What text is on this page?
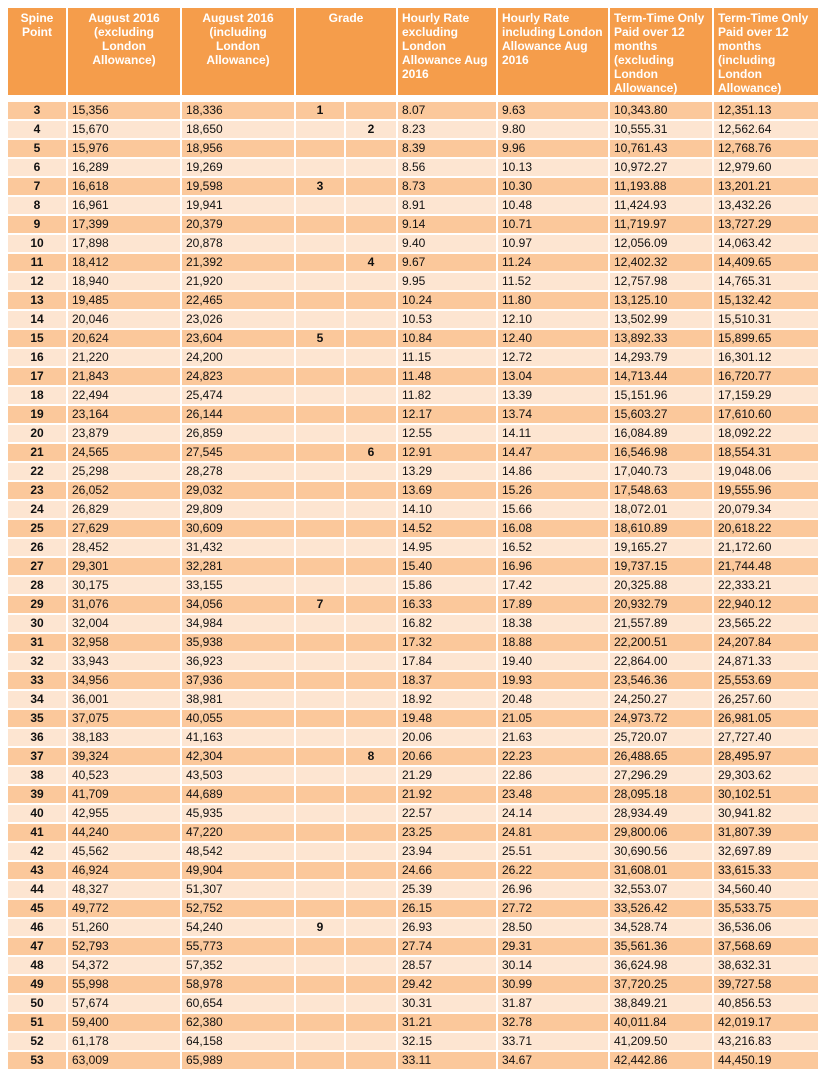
Spine Point	August 2016 (excluding London Allowance)	August 2016 (including London Allowance)	Grade		Hourly Rate excluding London Allowance Aug 2016	Hourly Rate including London Allowance Aug 2016	Term-Time Only Paid over 12 months (excluding London Allowance)	Term-Time Only Paid over 12 months (including London Allowance)

3	15,356	18,336	1		8.07	9.63	10,343.80	12,351.13
4	15,670	18,650		2	8.23	9.80	10,555.31	12,562.64
5	15,976	18,956			8.39	9.96	10,761.43	12,768.76
6	16,289	19,269			8.56	10.13	10,972.27	12,979.60
7	16,618	19,598	3		8.73	10.30	11,193.88	13,201.21
8	16,961	19,941			8.91	10.48	11,424.93	13,432.26
9	17,399	20,379			9.14	10.71	11,719.97	13,727.29
10	17,898	20,878			9.40	10.97	12,056.09	14,063.42
11	18,412	21,392		4	9.67	11.24	12,402.32	14,409.65
12	18,940	21,920			9.95	11.52	12,757.98	14,765.31
13	19,485	22,465			10.24	11.80	13,125.10	15,132.42
14	20,046	23,026			10.53	12.10	13,502.99	15,510.31
15	20,624	23,604	5		10.84	12.40	13,892.33	15,899.65
16	21,220	24,200			11.15	12.72	14,293.79	16,301.12
17	21,843	24,823			11.48	13.04	14,713.44	16,720.77
18	22,494	25,474			11.82	13.39	15,151.96	17,159.29
19	23,164	26,144			12.17	13.74	15,603.27	17,610.60
20	23,879	26,859			12.55	14.11	16,084.89	18,092.22
21	24,565	27,545		6	12.91	14.47	16,546.98	18,554.31
22	25,298	28,278			13.29	14.86	17,040.73	19,048.06
23	26,052	29,032			13.69	15.26	17,548.63	19,555.96
24	26,829	29,809			14.10	15.66	18,072.01	20,079.34
25	27,629	30,609			14.52	16.08	18,610.89	20,618.22
26	28,452	31,432			14.95	16.52	19,165.27	21,172.60
27	29,301	32,281			15.40	16.96	19,737.15	21,744.48
28	30,175	33,155			15.86	17.42	20,325.88	22,333.21
29	31,076	34,056	7		16.33	17.89	20,932.79	22,940.12
30	32,004	34,984			16.82	18.38	21,557.89	23,565.22
31	32,958	35,938			17.32	18.88	22,200.51	24,207.84
32	33,943	36,923			17.84	19.40	22,864.00	24,871.33
33	34,956	37,936			18.37	19.93	23,546.36	25,553.69
34	36,001	38,981			18.92	20.48	24,250.27	26,257.60
35	37,075	40,055			19.48	21.05	24,973.72	26,981.05
36	38,183	41,163			20.06	21.63	25,720.07	27,727.40
37	39,324	42,304		8	20.66	22.23	26,488.65	28,495.97
38	40,523	43,503			21.29	22.86	27,296.29	29,303.62
39	41,709	44,689			21.92	23.48	28,095.18	30,102.51
40	42,955	45,935			22.57	24.14	28,934.49	30,941.82
41	44,240	47,220			23.25	24.81	29,800.06	31,807.39
42	45,562	48,542			23.94	25.51	30,690.56	32,697.89
43	46,924	49,904			24.66	26.22	31,608.01	33,615.33
44	48,327	51,307			25.39	26.96	32,553.07	34,560.40
45	49,772	52,752			26.15	27.72	33,526.42	35,533.75
46	51,260	54,240	9		26.93	28.50	34,528.74	36,536.06
47	52,793	55,773			27.74	29.31	35,561.36	37,568.69
48	54,372	57,352			28.57	30.14	36,624.98	38,632.31
49	55,998	58,978			29.42	30.99	37,720.25	39,727.58
50	57,674	60,654			30.31	31.87	38,849.21	40,856.53
51	59,400	62,380			31.21	32.78	40,011.84	42,019.17
52	61,178	64,158			32.15	33.71	41,209.50	43,216.83
53	63,009	65,989			33.11	34.67	42,442.86	44,450.19
